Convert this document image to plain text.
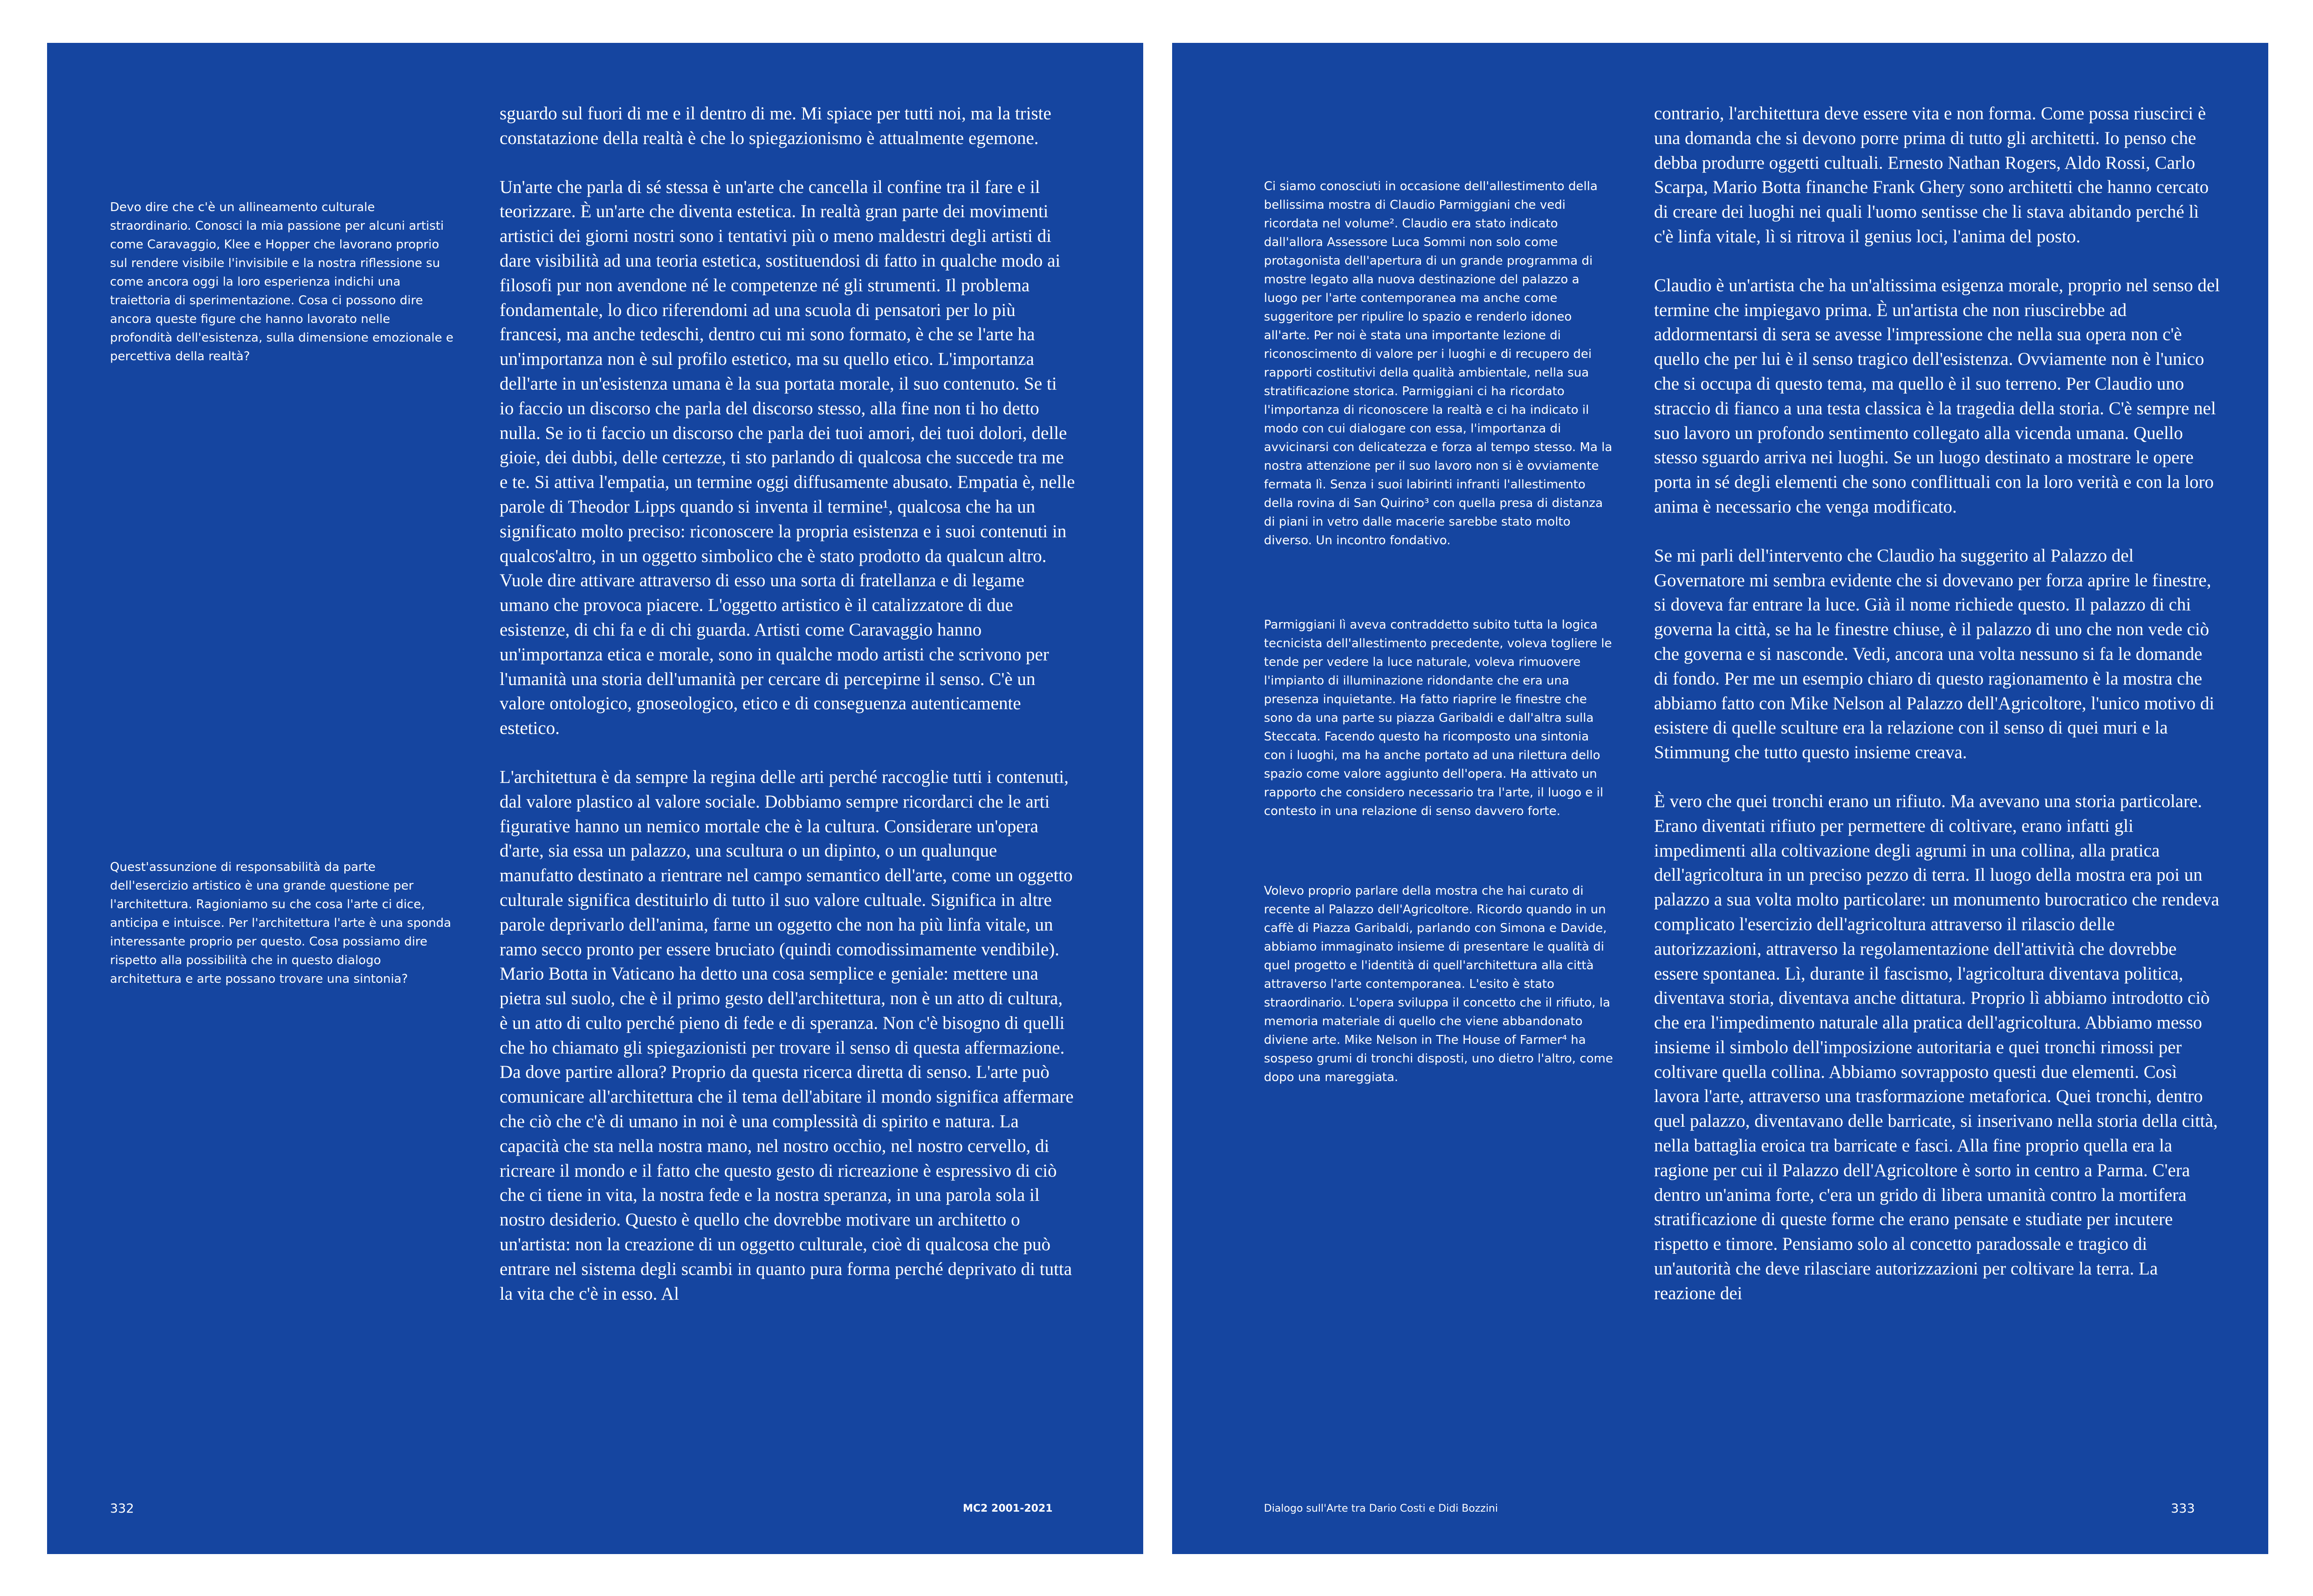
Devo dire che c'è un allineamento culturale straordinario. Conosci la mia passione per alcuni artisti come Caravaggio, Klee e Hopper che lavorano proprio sul rendere visibile l'invisibile e la nostra riflessione su come ancora oggi la loro esperienza indichi una traiettoria di sperimentazione. Cosa ci possono dire ancora queste figure che hanno lavorato nelle profondità dell'esistenza, sulla dimensione emozionale e percettiva della realtà?

Quest'assunzione di responsabilità da parte dell'esercizio artistico è una grande questione per l'architettura. Ragioniamo su che cosa l'arte ci dice, anticipa e intuisce. Per l'architettura l'arte è una sponda interessante proprio per questo. Cosa possiamo dire rispetto alla possibilità che in questo dialogo architettura e arte possano trovare una sintonia?

sguardo sul fuori di me e il dentro di me. Mi spiace per tutti noi, ma la triste constatazione della realtà è che lo spiegazionismo è attualmente egemone.

Un'arte che parla di sé stessa è un'arte che cancella il confine tra il fare e il teorizzare. È un'arte che diventa estetica. In realtà gran parte dei movimenti artistici dei giorni nostri sono i tentativi più o meno maldestri degli artisti di dare visibilità ad una teoria estetica, sostituendosi di fatto in qualche modo ai filosofi pur non avendone né le competenze né gli strumenti. Il problema fondamentale, lo dico riferendomi ad una scuola di pensatori per lo più francesi, ma anche tedeschi, dentro cui mi sono formato, è che se l'arte ha un'importanza non è sul profilo estetico, ma su quello etico. L'importanza dell'arte in un'esistenza umana è la sua portata morale, il suo contenuto. Se ti io faccio un discorso che parla del discorso stesso, alla fine non ti ho detto nulla. Se io ti faccio un discorso che parla dei tuoi amori, dei tuoi dolori, delle gioie, dei dubbi, delle certezze, ti sto parlando di qualcosa che succede tra me e te. Si attiva l'empatia, un termine oggi diffusamente abusato. Empatia è, nelle parole di Theodor Lipps quando si inventa il termine¹, qualcosa che ha un significato molto preciso: riconoscere la propria esistenza e i suoi contenuti in qualcos'altro, in un oggetto simbolico che è stato prodotto da qualcun altro. Vuole dire attivare attraverso di esso una sorta di fratellanza e di legame umano che provoca piacere. L'oggetto artistico è il catalizzatore di due esistenze, di chi fa e di chi guarda. Artisti come Caravaggio hanno un'importanza etica e morale, sono in qualche modo artisti che scrivono per l'umanità una storia dell'umanità per cercare di percepirne il senso. C'è un valore ontologico, gnoseologico, etico e di conseguenza autenticamente estetico.

L'architettura è da sempre la regina delle arti perché raccoglie tutti i contenuti, dal valore plastico al valore sociale. Dobbiamo sempre ricordarci che le arti figurative hanno un nemico mortale che è la cultura. Considerare un'opera d'arte, sia essa un palazzo, una scultura o un dipinto, o un qualunque manufatto destinato a rientrare nel campo semantico dell'arte, come un oggetto culturale significa destituirlo di tutto il suo valore cultuale. Significa in altre parole deprivarlo dell'anima, farne un oggetto che non ha più linfa vitale, un ramo secco pronto per essere bruciato (quindi comodissimamente vendibile). Mario Botta in Vaticano ha detto una cosa semplice e geniale: mettere una pietra sul suolo, che è il primo gesto dell'architettura, non è un atto di cultura, è un atto di culto perché pieno di fede e di speranza. Non c'è bisogno di quelli che ho chiamato gli spiegazionisti per trovare il senso di questa affermazione. Da dove partire allora? Proprio da questa ricerca diretta di senso. L'arte può comunicare all'architettura che il tema dell'abitare il mondo significa affermare che ciò che c'è di umano in noi è una complessità di spirito e natura. La capacità che sta nella nostra mano, nel nostro occhio, nel nostro cervello, di ricreare il mondo e il fatto che questo gesto di ricreazione è espressivo di ciò che ci tiene in vita, la nostra fede e la nostra speranza, in una parola sola il nostro desiderio. Questo è quello che dovrebbe motivare un architetto o un'artista: non la creazione di un oggetto culturale, cioè di qualcosa che può entrare nel sistema degli scambi in quanto pura forma perché deprivato di tutta la vita che c'è in esso. Al

332	MC2 2001-2021

Ci siamo conosciuti in occasione dell'allestimento della bellissima mostra di Claudio Parmiggiani che vedi ricordata nel volume². Claudio era stato indicato dall'allora Assessore Luca Sommi non solo come protagonista dell'apertura di un grande programma di mostre legato alla nuova destinazione del palazzo a luogo per l'arte contemporanea ma anche come suggeritore per ripulire lo spazio e renderlo idoneo all'arte. Per noi è stata una importante lezione di riconoscimento di valore per i luoghi e di recupero dei rapporti costitutivi della qualità ambientale, nella sua stratificazione storica. Parmiggiani ci ha ricordato l'importanza di riconoscere la realtà e ci ha indicato il modo con cui dialogare con essa, l'importanza di avvicinarsi con delicatezza e forza al tempo stesso. Ma la nostra attenzione per il suo lavoro non si è ovviamente fermata lì. Senza i suoi labirinti infranti l'allestimento della rovina di San Quirino³ con quella presa di distanza di piani in vetro dalle macerie sarebbe stato molto diverso. Un incontro fondativo.

Parmiggiani lì aveva contraddetto subito tutta la logica tecnicista dell'allestimento precedente, voleva togliere le tende per vedere la luce naturale, voleva rimuovere l'impianto di illuminazione ridondante che era una presenza inquietante. Ha fatto riaprire le finestre che sono da una parte su piazza Garibaldi e dall'altra sulla Steccata. Facendo questo ha ricomposto una sintonia con i luoghi, ma ha anche portato ad una rilettura dello spazio come valore aggiunto dell'opera. Ha attivato un rapporto che considero necessario tra l'arte, il luogo e il contesto in una relazione di senso davvero forte.

Volevo proprio parlare della mostra che hai curato di recente al Palazzo dell'Agricoltore. Ricordo quando in un caffè di Piazza Garibaldi, parlando con Simona e Davide, abbiamo immaginato insieme di presentare le qualità di quel progetto e l'identità di quell'architettura alla città attraverso l'arte contemporanea. L'esito è stato straordinario. L'opera sviluppa il concetto che il rifiuto, la memoria materiale di quello che viene abbandonato diviene arte. Mike Nelson in The House of Farmer⁴ ha sospeso grumi di tronchi disposti, uno dietro l'altro, come dopo una mareggiata.

contrario, l'architettura deve essere vita e non forma. Come possa riuscirci è una domanda che si devono porre prima di tutto gli architetti. Io penso che debba produrre oggetti cultuali. Ernesto Nathan Rogers, Aldo Rossi, Carlo Scarpa, Mario Botta finanche Frank Ghery sono architetti che hanno cercato di creare dei luoghi nei quali l'uomo sentisse che li stava abitando perché lì c'è linfa vitale, lì si ritrova il genius loci, l'anima del posto.

Claudio è un'artista che ha un'altissima esigenza morale, proprio nel senso del termine che impiegavo prima. È un'artista che non riuscirebbe ad addormentarsi di sera se avesse l'impressione che nella sua opera non c'è quello che per lui è il senso tragico dell'esistenza. Ovviamente non è l'unico che si occupa di questo tema, ma quello è il suo terreno. Per Claudio uno straccio di fianco a una testa classica è la tragedia della storia. C'è sempre nel suo lavoro un profondo sentimento collegato alla vicenda umana. Quello stesso sguardo arriva nei luoghi. Se un luogo destinato a mostrare le opere porta in sé degli elementi che sono conflittuali con la loro verità e con la loro anima è necessario che venga modificato.

Se mi parli dell'intervento che Claudio ha suggerito al Palazzo del Governatore mi sembra evidente che si dovevano per forza aprire le finestre, si doveva far entrare la luce. Già il nome richiede questo. Il palazzo di chi governa la città, se ha le finestre chiuse, è il palazzo di uno che non vede ciò che governa e si nasconde. Vedi, ancora una volta nessuno si fa le domande di fondo. Per me un esempio chiaro di questo ragionamento è la mostra che abbiamo fatto con Mike Nelson al Palazzo dell'Agricoltore, l'unico motivo di esistere di quelle sculture era la relazione con il senso di quei muri e la Stimmung che tutto questo insieme creava.

È vero che quei tronchi erano un rifiuto. Ma avevano una storia particolare. Erano diventati rifiuto per permettere di coltivare, erano infatti gli impedimenti alla coltivazione degli agrumi in una collina, alla pratica dell'agricoltura in un preciso pezzo di terra. Il luogo della mostra era poi un palazzo a sua volta molto particolare: un monumento burocratico che rendeva complicato l'esercizio dell'agricoltura attraverso il rilascio delle autorizzazioni, attraverso la regolamentazione dell'attività che dovrebbe essere spontanea. Lì, durante il fascismo, l'agricoltura diventava politica, diventava storia, diventava anche dittatura. Proprio lì abbiamo introdotto ciò che era l'impedimento naturale alla pratica dell'agricoltura. Abbiamo messo insieme il simbolo dell'imposizione autoritaria e quei tronchi rimossi per coltivare quella collina. Abbiamo sovrapposto questi due elementi. Così lavora l'arte, attraverso una trasformazione metaforica. Quei tronchi, dentro quel palazzo, diventavano delle barricate, si inserivano nella storia della città, nella battaglia eroica tra barricate e fasci. Alla fine proprio quella era la ragione per cui il Palazzo dell'Agricoltore è sorto in centro a Parma. C'era dentro un'anima forte, c'era un grido di libera umanità contro la mortifera stratificazione di queste forme che erano pensate e studiate per incutere rispetto e timore. Pensiamo solo al concetto paradossale e tragico di un'autorità che deve rilasciare autorizzazioni per coltivare la terra. La reazione dei

Dialogo sull'Arte tra Dario Costi e Didi Bozzini	333
